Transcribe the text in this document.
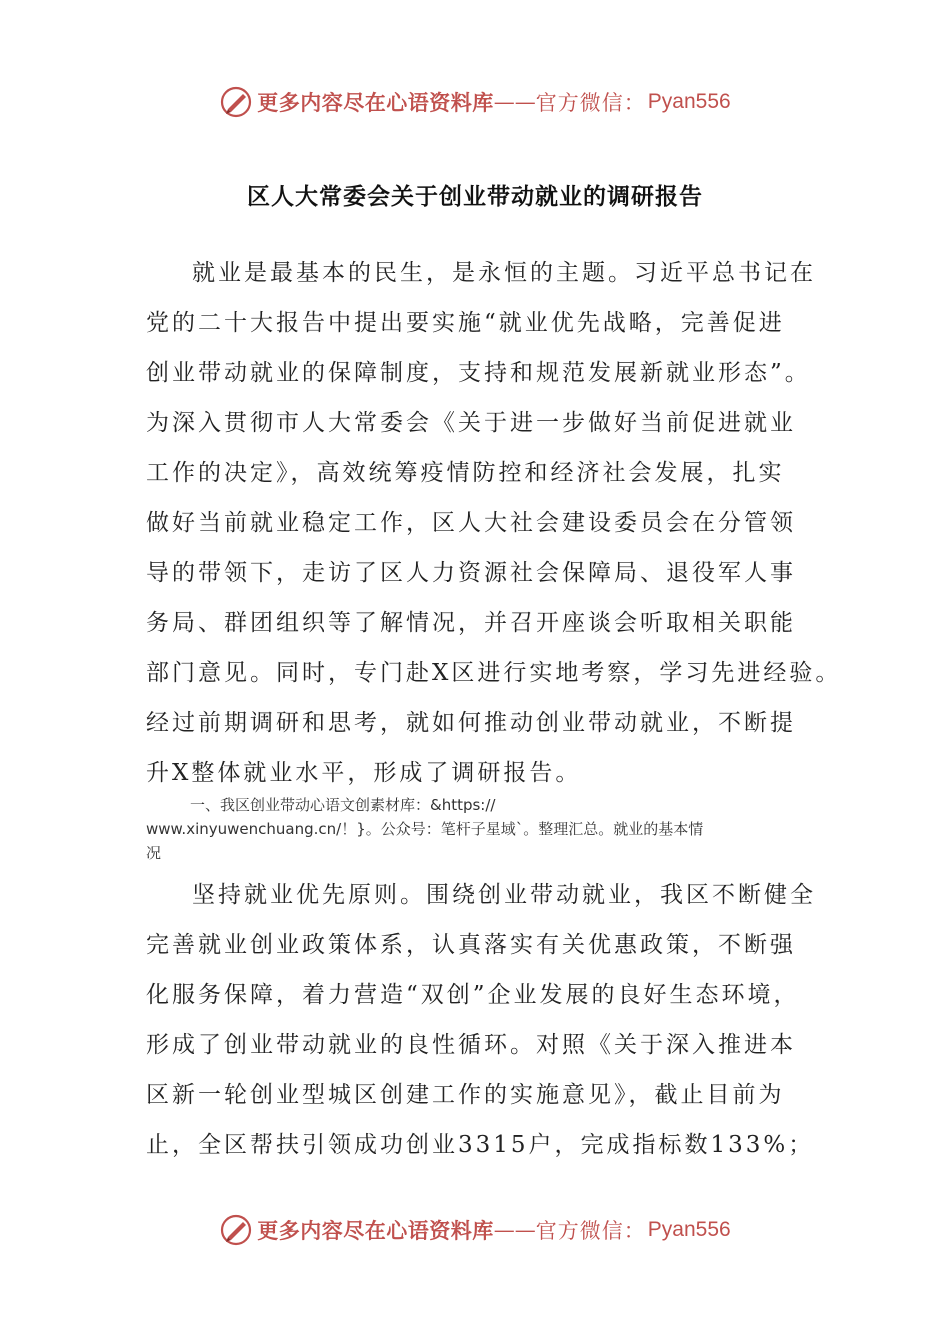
更多内容尽在心语资料库 —— 官方微信： Pyan556
区人大常委会关于创业带动就业的调研报告

就业是最基本的民生，是永恒的主题。习近平总书记在
党的二十大报告中提出要实施“就业优先战略，完善促进
创业带动就业的保障制度，支持和规范发展新就业形态”。
为深入贯彻市人大常委会《关于进一步做好当前促进就业
工作的决定》，高效统筹疫情防控和经济社会发展，扎实
做好当前就业稳定工作，区人大社会建设委员会在分管领
导的带领下，走访了区人力资源社会保障局、退役军人事
务局、群团组织等了解情况，并召开座谈会听取相关职能
部门意见。同时，专门赴X区进行实地考察，学习先进经验。
经过前期调研和思考，就如何推动创业带动就业，不断提
升X整体就业水平，形成了调研报告。

一、我区创业带动心语文创素材库：&https://
www.xinyuwenchuang.cn/！}。公众号：笔杆子星域`。整理汇总。就业的基本情
况

坚持就业优先原则。围绕创业带动就业，我区不断健全
完善就业创业政策体系，认真落实有关优惠政策，不断强
化服务保障，着力营造“双创”企业发展的良好生态环境，
形成了创业带动就业的良性循环。对照《关于深入推进本
区新一轮创业型城区创建工作的实施意见》，截止目前为
止，全区帮扶引领成功创业3315户，完成指标数133%；

更多内容尽在心语资料库 —— 官方微信： Pyan556
